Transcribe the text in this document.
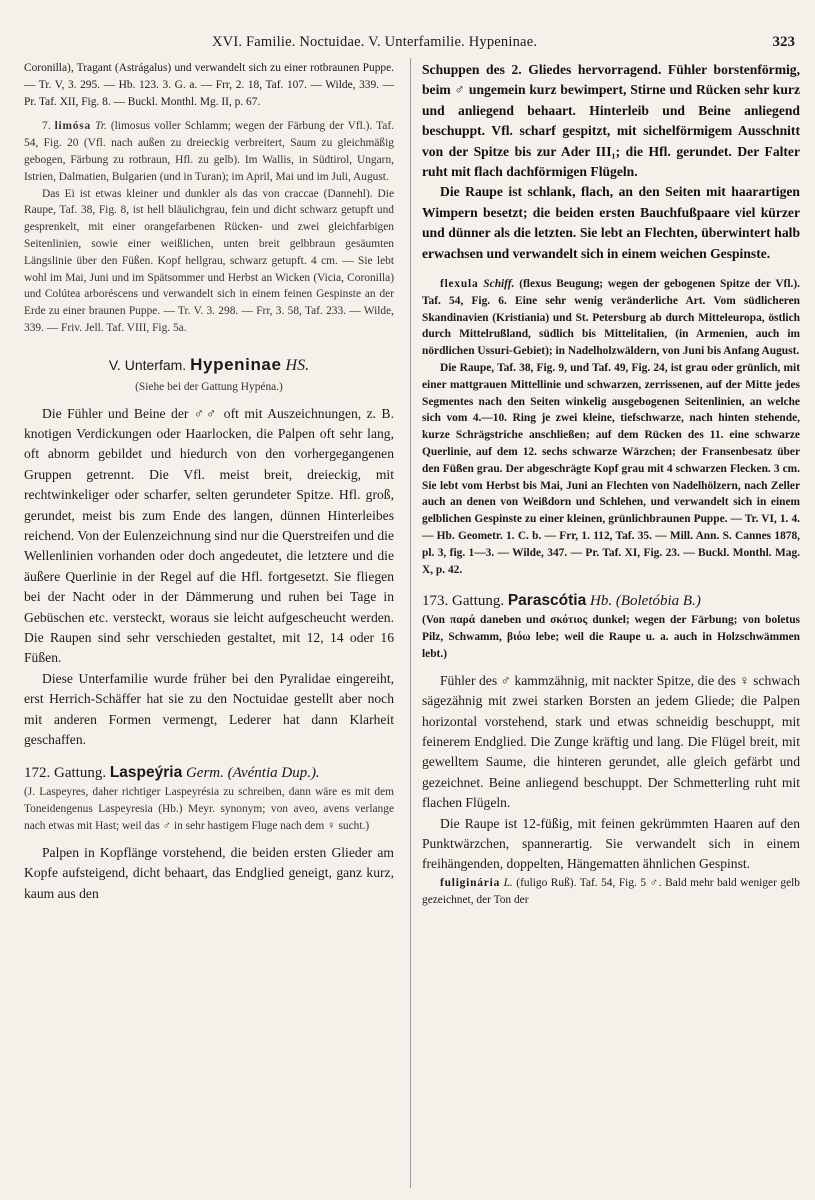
XVI. Familie. Noctuidae. V. Unterfamilie. Hypeninae.	323

Coronilla), Tragant (Astrágalus) und verwandelt sich zu einer rotbraunen Puppe. — Tr. V, 3. 295. — Hb. 123. 3. G. a. — Frr, 2. 18, Taf. 107. — Wilde, 339. — Pr. Taf. XII, Fig. 8. — Buckl. Monthl. Mg. II, p. 67.

7. limósa Tr. (limosus voller Schlamm; wegen der Färbung der Vfl.). Taf. 54, Fig. 20 (Vfl. nach außen zu dreieckig verbreitert, Saum zu gleichmäßig gebogen, Färbung zu rotbraun, Hfl. zu gelb). Im Wallis, in Südtirol, Ungarn, Istrien, Dalmatien, Bulgarien (und in Turan); im April, Mai und im Juli, August.

Das Ei ist etwas kleiner und dunkler als das von craccae (Dannehl). Die Raupe, Taf. 38, Fig. 8, ist hell bläulichgrau, fein und dicht schwarz getupft und gesprenkelt, mit einer orangefarbenen Rücken- und zwei gleichfarbigen Seitenlinien, sowie einer weißlichen, unten breit gelbbraun gesäumten Längslinie über den Füßen. Kopf hellgrau, schwarz getupft. 4 cm. — Sie lebt wohl im Mai, Juni und im Spätsommer und Herbst an Wicken (Vicia, Coronilla) und Colútea arboréscens und verwandelt sich in einem feinen Gespinste an der Erde zu einer braunen Puppe. — Tr. V. 3. 298. — Frr, 3. 58, Taf. 233. — Wilde, 339. — Friv. Jell. Taf. VIII, Fig. 5a.

V. Unterfam. Hypeninae HS.

(Siehe bei der Gattung Hypéna.)

Die Fühler und Beine der ♂♂ oft mit Auszeichnungen, z. B. knotigen Verdickungen oder Haarlocken, die Palpen oft sehr lang, oft abnorm gebildet und hiedurch von den vorhergegangenen Gruppen getrennt. Die Vfl. meist breit, dreieckig, mit rechtwinkeliger oder scharfer, selten gerundeter Spitze. Hfl. groß, gerundet, meist bis zum Ende des langen, dünnen Hinterleibes reichend. Von der Eulenzeichnung sind nur die Querstreifen und die Wellenlinien vorhanden oder doch angedeutet, die letztere und die äußere Querlinie in der Regel auf die Hfl. fortgesetzt. Sie fliegen bei der Nacht oder in der Dämmerung und ruhen bei Tage in Gebüschen etc. versteckt, woraus sie leicht aufgescheucht werden. Die Raupen sind sehr verschieden gestaltet, mit 12, 14 oder 16 Füßen.

Diese Unterfamilie wurde früher bei den Pyralidae eingereiht, erst Herrich-Schäffer hat sie zu den Noctuidae gestellt aber noch mit anderen Formen vermengt, Lederer hat dann Klarheit geschaffen.

172. Gattung. Laspeýria Germ. (Avéntia Dup.).

(J. Laspeyres, daher richtiger Laspeyrésia zu schreiben, dann wäre es mit dem Toneidengenus Laspeyresia (Hb.) Meyr. synonym; von aveo, avens verlange nach etwas mit Hast; weil das ♂ in sehr hastigem Fluge nach dem ♀ sucht.)

Palpen in Kopflänge vorstehend, die beiden ersten Glieder am Kopfe aufsteigend, dicht behaart, das Endglied geneigt, ganz kurz, kaum aus den

Schuppen des 2. Gliedes hervorragend. Fühler borstenförmig, beim ♂ ungemein kurz bewimpert, Stirne und Rücken sehr kurz und anliegend behaart. Hinterleib und Beine anliegend beschuppt. Vfl. scharf gespitzt, mit sichelförmigem Ausschnitt von der Spitze bis zur Ader III₁; die Hfl. gerundet. Der Falter ruht mit flach dachförmigen Flügeln.

Die Raupe ist schlank, flach, an den Seiten mit haarartigen Wimpern besetzt; die beiden ersten Bauchfußpaare viel kürzer und dünner als die letzten. Sie lebt an Flechten, überwintert halb erwachsen und verwandelt sich in einem weichen Gespinste.

flexula Schiff. (flexus Beugung; wegen der gebogenen Spitze der Vfl.). Taf. 54, Fig. 6. Eine sehr wenig veränderliche Art. Vom südlicheren Skandinavien (Kristiania) und St. Petersburg ab durch Mitteleuropa, östlich durch Mittelrußland, südlich bis Mittelitalien, (in Armenien, auch im nördlichen Ussuri-Gebiet); in Nadelholzwäldern, von Juni bis Anfang August.

Die Raupe, Taf. 38, Fig. 9, und Taf. 49, Fig. 24, ist grau oder grünlich, mit einer mattgrauen Mittellinie und schwarzen, zerrissenen, auf der Mitte jedes Segmentes nach den Seiten winkelig ausgebogenen Seitenlinien, an welche sich vom 4.—10. Ring je zwei kleine, tiefschwarze, nach hinten stehende, kurze Schrägstriche anschließen; auf dem Rücken des 11. eine schwarze Querlinie, auf dem 12. sechs schwarze Wärzchen; der Fransenbesatz über den Füßen grau. Der abgeschrägte Kopf grau mit 4 schwarzen Flecken. 3 cm. Sie lebt vom Herbst bis Mai, Juni an Flechten von Nadelhölzern, nach Zeller auch an denen von Weißdorn und Schlehen, und verwandelt sich in einem gelblichen Gespinste zu einer kleinen, grünlichbraunen Puppe. — Tr. VI, 1. 4. — Hb. Geometr. 1. C. b. — Frr, 1. 112, Taf. 35. — Mill. Ann. S. Cannes 1878, pl. 3, fig. 1—3. — Wilde, 347. — Pr. Taf. XI, Fig. 23. — Buckl. Monthl. Mag. X, p. 42.

173. Gattung. Parascótia Hb. (Boletóbia B.)

(Von παρά daneben und σκότιος dunkel; wegen der Färbung; von boletus Pilz, Schwamm, βιόω lebe; weil die Raupe u. a. auch in Holzschwämmen lebt.)

Fühler des ♂ kammzähnig, mit nackter Spitze, die des ♀ schwach sägezähnig mit zwei starken Borsten an jedem Gliede; die Palpen horizontal vorstehend, stark und etwas schneidig beschuppt, mit feinerem Endglied. Die Zunge kräftig und lang. Die Flügel breit, mit gewelltem Saume, die hinteren gerundet, alle gleich gefärbt und gezeichnet. Beine anliegend beschuppt. Der Schmetterling ruht mit flachen Flügeln.

Die Raupe ist 12-füßig, mit feinen gekrümmten Haaren auf den Punktwärzchen, spannerartig. Sie verwandelt sich in einem freihängenden, doppelten, Hängematten ähnlichen Gespinst.

fuliginária L. (fuligo Ruß). Taf. 54, Fig. 5 ♂. Bald mehr bald weniger gelb gezeichnet, der Ton der
